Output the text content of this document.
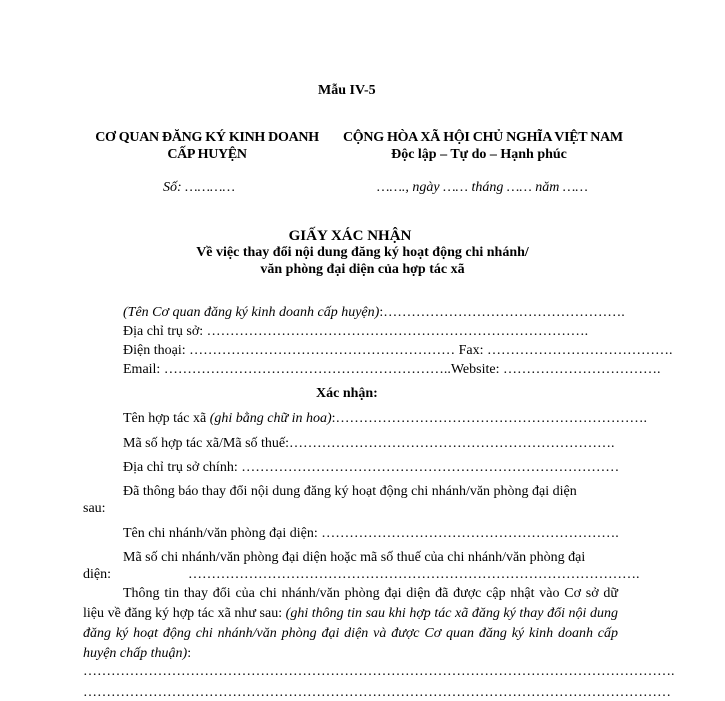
Mẫu IV-5
CƠ QUAN ĐĂNG KÝ KINH DOANH
CẤP HUYỆN
CỘNG HÒA XÃ HỘI CHỦ NGHĨA VIỆT NAM
Độc lập – Tự do – Hạnh phúc
Số: …………	……., ngày …… tháng …… năm ……
GIẤY XÁC NHẬN
Về việc thay đổi nội dung đăng ký hoạt động chi nhánh/
văn phòng đại diện của hợp tác xã
(Tên Cơ quan đăng ký kinh doanh cấp huyện):…………………………………………….
Địa chỉ trụ sở: ……………………………………………………………………….
Điện thoại: ………………………………………………… Fax: ………………………………….
Email: ……………………………………………………..Website: …………………………….
Xác nhận:
Tên hợp tác xã (ghi bằng chữ in hoa):………………………………………………………….
Mã số hợp tác xã/Mã số thuế:…………………………………………………………….
Địa chỉ trụ sở chính: ………………………………………………………………………
Đã thông báo thay đổi nội dung đăng ký hoạt động chi nhánh/văn phòng đại diện
sau:
Tên chi nhánh/văn phòng đại diện: ……………………………………………………….
Mã số chi nhánh/văn phòng đại diện hoặc mã số thuế của chi nhánh/văn phòng đại
diện:	…………………………………………………………………………………….
Thông tin thay đổi của chi nhánh/văn phòng đại diện đã được cập nhật vào Cơ sở dữ liệu về đăng ký hợp tác xã như sau: (ghi thông tin sau khi hợp tác xã đăng ký thay đổi nội dung đăng ký hoạt động chi nhánh/văn phòng đại diện và được Cơ quan đăng ký kinh doanh cấp huyện chấp thuận):
……………………………………………………………………………………………………………….
………………………………………………………………………………………………………………
